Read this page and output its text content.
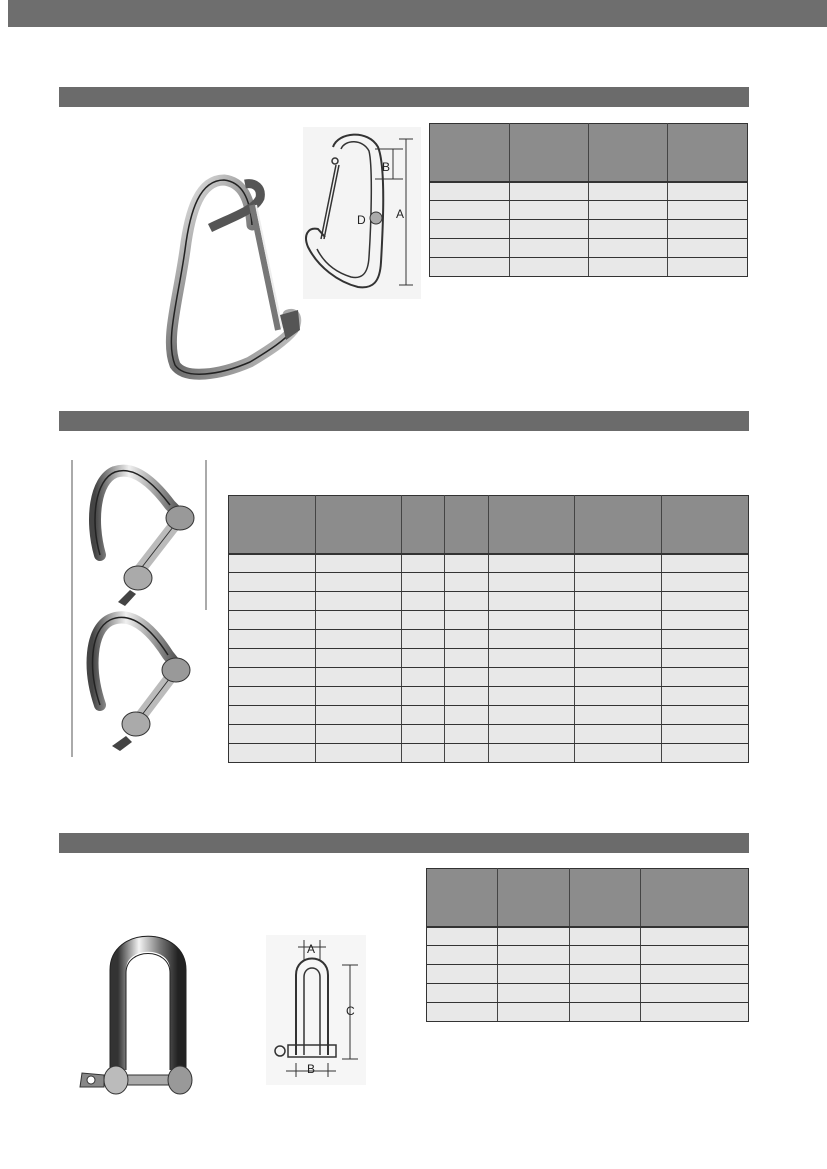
B
A
D

A
C
B
